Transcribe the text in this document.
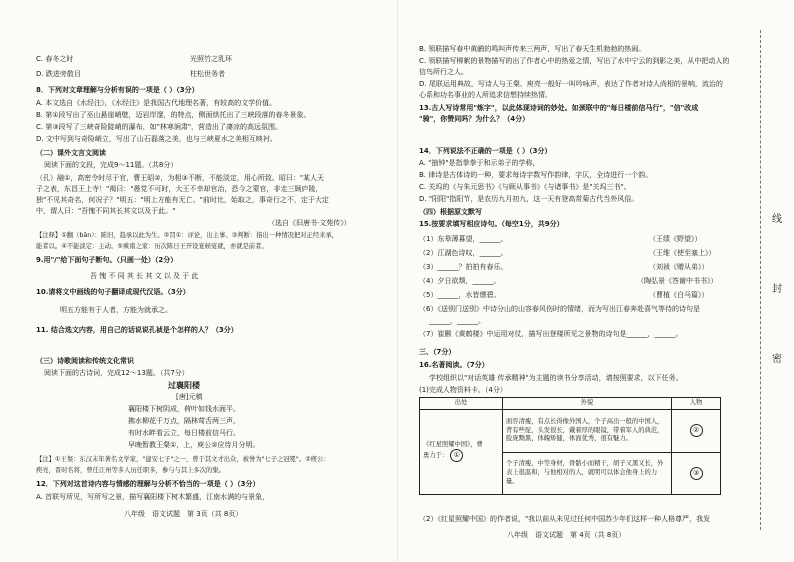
C. 春冬之时	光照竹之乳环
D. 跌进旁散目	柱松世务者
8．下列对文章理解与分析有误的一项是（ ）（3分）
A. 本文选自《水经注》，《水经注》是我国古代地理名著，有较高的文学价值。
B. 第①段写出了巫山悬崖峭壁，迈岩岸邃，的特点，侧面烘托出了三峡段落的春冬景象。
C. 第③段写了三峡奇险陡峭的瀑布，如"林寒涧肃"，营造出了凄凉的高远氛围。
D. 文中写到与奇险峭立，写出了山石磊落之美，也与三峡夏水之美相互映衬。
（二）课外文言文阅读
阅读下面的文段，完成9～11题。（共8分）
（孔）融①，高密令时尽于官，曹王昭②，为相③不断，不能淡定，用心所致。昭曰："某人天
子之表，东昌王上寺！"褐曰："愚党不可时，大王不幸却官治，恐今之蒙官，非走三顾庐陵，
独"不见其奇名，何况子？"明五："明上方能有无亡。"前时比，始取之，事奇行之不，定于大定
中，谓人曰："吾愧不同其长其文以及于此。"
（选自《旧唐书·文苑传》）
【注释】①翻（bān）：陈旧，趋承以此为生。②罚①：评论，出主事。③判断：指出一种情况把对正经来承，
能者以。④不能淡定：主动。⑤乘南之家：历次陈日王开设宴候宴就，亦就是前者。
9.用"/"给下面句子断句。（只画一处）（2分）
吾 愧 不 同 其 长 其 文 以 及 于 此
10.请将文中画线的句子翻译成现代汉语。（3分）
明五方能有于人者，方能为就承之。
11. 结合选文内容，用自己的话说说孔祯是个怎样的人？（3分）
（三）诗歌阅读和传统文化常识
阅读下面的古诗词，完成12～13题。（共7分）
过襄阳楼
[唐]元稹
襄阳楼下树阴成，荷叶如钱水面平。
拂水柳花千万点，隔林莺舌两三声。
有时水畔看云立，每日楼前信马行。
早晚暂教王粲①，上，庾公②应待月分明。
【注】①王粲：东汉末年著名文学家，"建安七子"之一，曾于其文才出众，被誉为"七子之冠冕"。②庾公：
庾亮，晋时名将，曾任江州等多人历任职多，参与与其上多次的集。
12．下列对这首诗内容与情感的理解与分析不恰当的一项是（ ）（3分）
A. 首联写所见，写所写之景，描写襄阳楼下树木繁盛，江南水满的与景象，
八年级　语文试题　第 3页（共 8页）
B. 领联描写春中黄鹂的鸣叫声传来三两声，写出了春天生机勃勃的热闹。
C. 领联描写柳絮的景物描写的出了作者心中的热爱之情，写出了水中宁云的到影之美，从中把动人的
信鸟所行之人。
D. 尾联运用典故，写诗人与王粲、庾亮一般好一叫吟咏声，表达了作者对诗人尚相的景响，流治的
心系和功名事业的人所追求信想持续热情。
13.古人写诗常用"炼字"，以此体现诗词的妙处。如颈联中的"每日楼前信马行"，"信"改成
"骑"，你赞同吗？为什么？（4分）
14．下列说法不正确的一项是（ ）（3分）
A. "抽钟"是指拳拳于和示弟子的学称，
B. 律诗是古体诗的一种，要求每诗字数写作韵律，字仄，全诗进行一个韵。
C. 关坞的《与朱元思书》《与顾从事书》《与诸事书》是"关坞三书"。
D. "阳阳"指阳节，是农历九月初九，这一天有登高赏菊古代当外风俗。
（四）根据原文默写
15.按要求填写相应诗句。（每空1分，共9分）
（1）东皋薄暮望，______。	（王绩《野望》）
（2）江湖色诗叹，______。	（王维《使至塞上》）
（3）______？拍拍有春乐。	（刘祯《赠从弟》）
（4）夕日欲颓，______。	（陶弘景《答谢中书书》）
（5）______，水皆缥碧。	（曹植《白马篇》）
（6）《送别门送别》中诗分山的山容春风伤时的情绪，而为写出江春奔赴喜气等待的诗句是
______，______。
（7）崔颢《黄鹤楼》中运用对仗，描写出登楼所见之景物的诗句是______，______。
三、（7分）
16.名著阅读。（7分）
学校组织以"对话英雄 传承精神"为主题的读书分享活动，请按照要求，以下任务。
(1)完成人物资料卡。（4分）
出处	外貌	人物
《红星照耀中国》，曹
勇力于： ①	面容清瘦，有点长得像外国人，个子高出一般的中国人，背有些驼，头发很长，戴着厚的眼镜，带着军人的典范，脸庞黝黑，体魄矫健，体面优秀，很有魅力。	②
	个子清瘦，中等身材，骨骼小而精干，胡子又黑又长，外表上很温和，与他相对的人，就明可以体会他身上的力量。	③
（2）《红星照耀中国》的作者说，"我以前从未见过任何中国苏少年们这样一种人格尊严，我发
八年级　语文试题　第 4页（共 8页）
线
封
密
